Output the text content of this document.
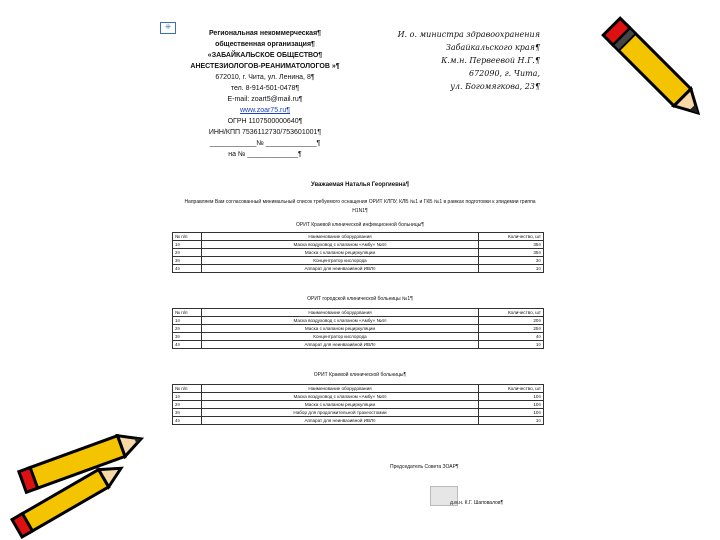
⁜
Региональная некоммерческая¶
общественная организация¶
«ЗАБАЙКАЛЬСКОЕ ОБЩЕСТВО¶
АНЕСТЕЗИОЛОГОВ-РЕАНИМАТОЛОГОВ »¶
672010, г. Чита, ул. Ленина, 8¶
тел. 8-914-501-0478¶
E-mail: zoart5@mail.ru¶
www.zoar75.ru¶
ОГРН 1107500000640¶
ИНН/КПП 7536112730/753601001¶
____________№ _____________¶
на № _____________¶
И. о. министра здравоохранения
Забайкальского края¶
К.м.н. Первеевой Н.Г.¶
672090, г. Чита,
ул. Богомягкова, 23¶
Уважаемая Наталья Георгиевна¶
Направляем Вам согласованный минимальный список требуемого оснащения ОРИТ КЛПУ, КЛБ №1 и ГКБ №1 в рамках подготовки к эпидемии гриппа H1N1¶
ОРИТ Краевой клинической инфекционной больницы¶
№ п/п	Наименование оборудования	Количество, шт
1¤	Маска воздуховод с клапаном «Амбу» №4¤	35¤
2¤	Маска с клапаном рециркуляции	35¤
3¤	Концентратор кислорода	3¤
4¤	Аппарат для неинвазивной ИВЛ¤	1¤
ОРИТ городской клинической больницы №1¶
№ п/п	Наименование оборудования	Количество, шт
1¤	Маска воздуховод с клапаном «Амбу» №4¤	20¤
2¤	Маска с клапаном рециркуляции	25¤
3¤	Концентратор кислорода	4¤
4¤	Аппарат для неинвазивной ИВЛ¤	1¤
ОРИТ Краевой клинической больницы¶
№ п/п	Наименование оборудования	Количество, шт
1¤	Маска воздуховод с клапаном «Амбу» №4¤	10¤
2¤	Маска с клапаном рециркуляции	10¤
3¤	Набор для продолжительной трахеостомии	10¤
4¤	Аппарат для неинвазивной ИВЛ¤	1¤
Председатель Совета ЗОАР¶
д.м.н. К.Г. Шаповалов¶
